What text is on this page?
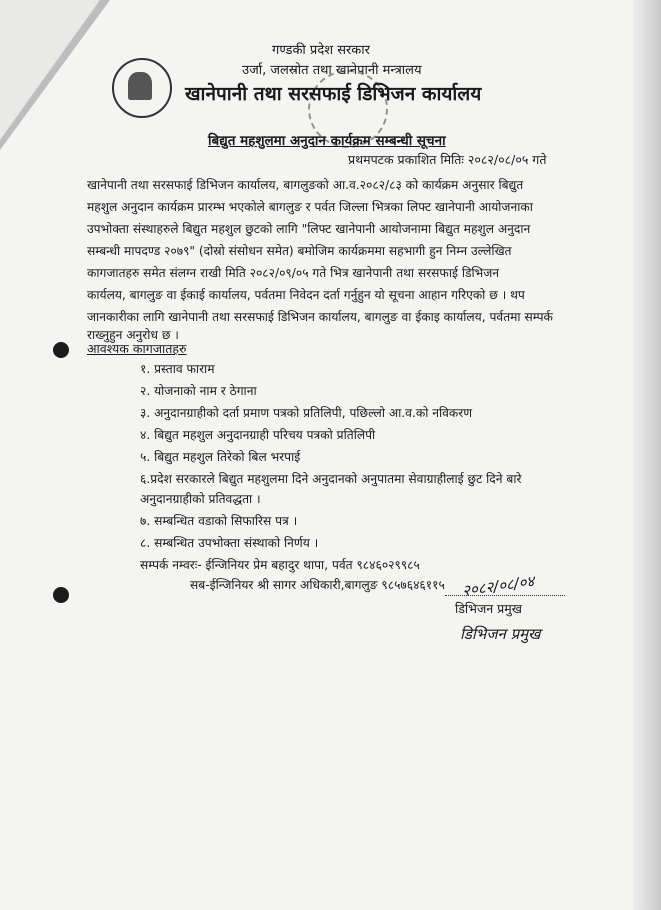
गण्डकी प्रदेश सरकार
उर्जा, जलस्रोत तथा खानेपानी मन्त्रालय
खानेपानी तथा सरसफाई डिभिजन कार्यालय
बिद्युत महशुलमा अनुदान कार्यक्रम सम्बन्धी सूचना
प्रथमपटक प्रकाशित मितिः २०८२/०८/०५ गते
खानेपानी तथा सरसफाई डिभिजन कार्यालय, बागलुङको आ.व.२०८२/८३ को कार्यक्रम अनुसार बिद्युत
महशुल अनुदान कार्यक्रम प्रारम्भ भएकोले बागलुङ र पर्वत जिल्ला भित्रका लिफ्ट खानेपानी आयोजनाका
उपभोक्ता संस्थाहरुले बिद्युत महशुल छुटको लागि "लिफ्ट खानेपानी आयोजनामा बिद्युत महशुल अनुदान
सम्बन्धी मापदण्ड २०७९" (दोस्रो संसोधन समेत) बमोजिम कार्यक्रममा सहभागी हुन निम्न उल्लेखित
कागजातहरु समेत संलग्न राखी मिति २०८२/०९/०५ गते भित्र खानेपानी तथा सरसफाई डिभिजन
कार्यलय, बागलुङ वा ईकाई कार्यालय, पर्वतमा निवेदन दर्ता गर्नुहुन यो सूचना आहान गरिएको छ । थप
जानकारीका लागि खानेपानी तथा सरसफाई डिभिजन कार्यालय, बागलुङ वा ईकाइ कार्यालय, पर्वतमा सम्पर्क
राख्नुहुन अनुरोध छ ।
आवश्यक कागजातहरु
१. प्रस्ताव फाराम
२. योजनाको नाम र ठेगाना
३. अनुदानग्राहीको दर्ता प्रमाण पत्रको प्रतिलिपी, पछिल्लो आ.व.को नविकरण
४. बिद्युत महशुल अनुदानग्राही परिचय पत्रको प्रतिलिपी
५. बिद्युत महशुल तिरेको बिल भरपाई
६.प्रदेश सरकारले बिद्युत महशुलमा दिने अनुदानको अनुपातमा सेवाग्राहीलाई छुट दिने बारे
अनुदानग्राहीको प्रतिवद्धता ।
७. सम्बन्धित वडाको सिफारिस पत्र ।
८. सम्बन्धित उपभोक्ता संस्थाको निर्णय ।
सम्पर्क नम्वरः- ईन्जिनियर प्रेम बहादुर थापा, पर्वत ९८४६०२९९८५
सब-ईन्जिनियर श्री सागर अधिकारी,बागलुङ ९८५७६४६११५ २०८२/०८/०४
डिभिजन प्रमुख
डिभिजन प्रमुख
